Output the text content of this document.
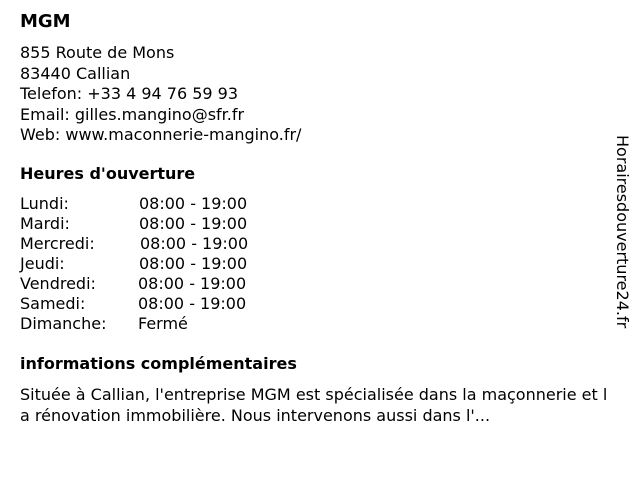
MGM
855 Route de Mons
83440 Callian
Telefon: +33 4 94 76 59 93
Email: gilles.mangino@sfr.fr
Web: www.maconnerie-mangino.fr/
Heures d'ouverture
Lundi:	08:00 - 19:00
Mardi:	08:00 - 19:00
Mercredi:	08:00 - 19:00
Jeudi:	08:00 - 19:00
Vendredi:	08:00 - 19:00
Samedi:	08:00 - 19:00
Dimanche:	Fermé
informations complémentaires
Située à Callian, l'entreprise MGM est spécialisée dans la maçonnerie et la rénovation immobilière. Nous intervenons aussi dans l'...
Horairesdouverture24.fr
